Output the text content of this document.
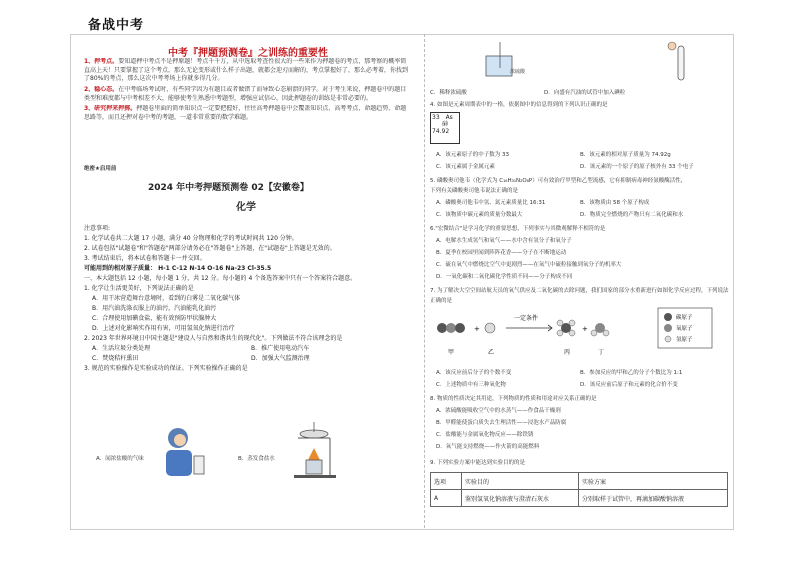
备战中考
中考『押题预测卷』之训练的重要性
1、押考点。要知道押中考点不是押原题！考点千千万，从中选取考查性很大的一些来作为押题卷的考点，那考察的概率简直高上天！只要掌握了这个考点，那么无论变形或什么样子出题，就都会迎刃而解的，考点掌握好了，那么必考着，你找到了80%的考点，那么这次中考考场上你就多得几分。
2、稳心态。在中考临场考试时，有些同学因为有题目或者做错了而导致心态崩溃的同学。对于考生来说，押题卷中的题目类型和难度都与中考相差不大，能够使考生熟悉中考题型，增强应试信心，因此押题卷的训练是非常必要的。
3、研究押来押掷。押题卷里面的简单知识点一定要把握好，往往高考押题卷中会覆盖知识点、高考考点、命题趋势、命题思路等，而且还押对卷中考的考题，一道非常重要的数学难题。
绝密★启用前
2024 年中考押题预测卷 02【安徽卷】
化学
注意事项:
1. 化学试卷共二大题 17 小题，满分 40 分物理和化学的考试时间共 120 分钟。
2. 试卷包括"试题卷"和"答题卷"两部分请务必在"答题卷"上答题，在"试题卷"上答题是无效的。
3. 考试结束后，将本试卷和答题卡一并交回。
可能用到的相对原子质量： H-1 C-12 N-14 O-16 Na-23 Cl-35.5
一、本大题包括 12 小题，每小题 1 分，共 12 分。每小题的 4 个备选答案中只有一个答案符合题意。
1. 化学让生活更美好，下列说法正确的是
A．用干冰营造舞台意境时，看到的白雾是二氧化碳气体
B．用汽油洗涤衣服上的油污，汽油能乳化油污
C．合理使用加碘食盐，能有效预防甲状腺肿大
D．上述对化影响实作用有害，可用氢氧化钠进行治疗
2. 2023 年世界环境日中国主题是"建设人与自然和谐共生的现代化"。下列做法不符合该理念的是
A．生活垃圾分类处理	B．推广使用电动汽车
C．焚烧秸秆熏田	D．加强大气监测治理
3. 规范的实验操作是实验成功的保证。下列实验操作正确的是
A．闻浓盐酸的气味	B．蒸发食盐水
浓硫酸
C．稀释浓硫酸	D．向盛有汽油的试管中加入碘粒
4. 如图是元素周期表中的一格，依据图中的信息得到的下列认识正确的是
33 As
砷
74.92
A．该元素原子的中子数为 33	B．该元素的相对原子质量为 74.92g
C．该元素属于金属元素	D．该元素的一个原子的原子核外有 33 个电子
5. 磷酸奥司他韦（化学式为 C₁₆H₃₁N₂O₈P）可有效治疗甲型和乙型流感，它有抑制病毒神经氨酸酶活性，
下列有关磷酸奥司他韦说法正确的是
A．磷酸奥司他韦中氢、氮元素质量比 16:31	B．该物质由 58 个原子构成
C．该物质中碳元素的质量分数最大	D．物质完全燃烧的产物只有二氧化碳和水
6."宏微结合"是学习化学的重要思想，下列事实与其微观解释不相符的是
A．电解水生成氢气和氧气——水中含有氢分子和氧分子
B．夏季在校园里闻到阵阵花香——分子在不断地运动
C．硫在氧气中燃烧比空气中更剧烈——在氧气中硫粒接触到氧分子的机率大
D．一氧化碳和二氧化碳化学性质不同——分子构成不同
7. 为了解决大空空间站航天员的氧气供应及二氧化碳的去除问题，我们国家的部分水重新进行如图化学反应过程，下列说法
正确的是
+
一定条件
+
甲	乙	丙	丁
碳原子
氧原子
氢原子
A．该反应前后分子的个数不变	B．参加反应的甲和乙的分子个数比为 1:1
C．上述物质中有三种氧化物	D．该反应前后原子和元素的化合价不变
8. 物质的性质决定其用途，下列物质的性质和用途对应关系正确的是
A．浓硫酸能吸收空气中的水蒸气——作食品干燥剂
B．甲醛能使蛋白质失去生理活性——浸泡水产品防腐
C．盐酸能与金属氧化物反应——除铁锈
D．氧气能支持燃烧——作火箭的高能燃料
9. 下列实验方案中能达到实验目的的是
选项	实验目的	实验方案
A	鉴别氢氧化钠溶液与澄清石灰水	分别取样于试管中，再滴加碳酸钠溶液
